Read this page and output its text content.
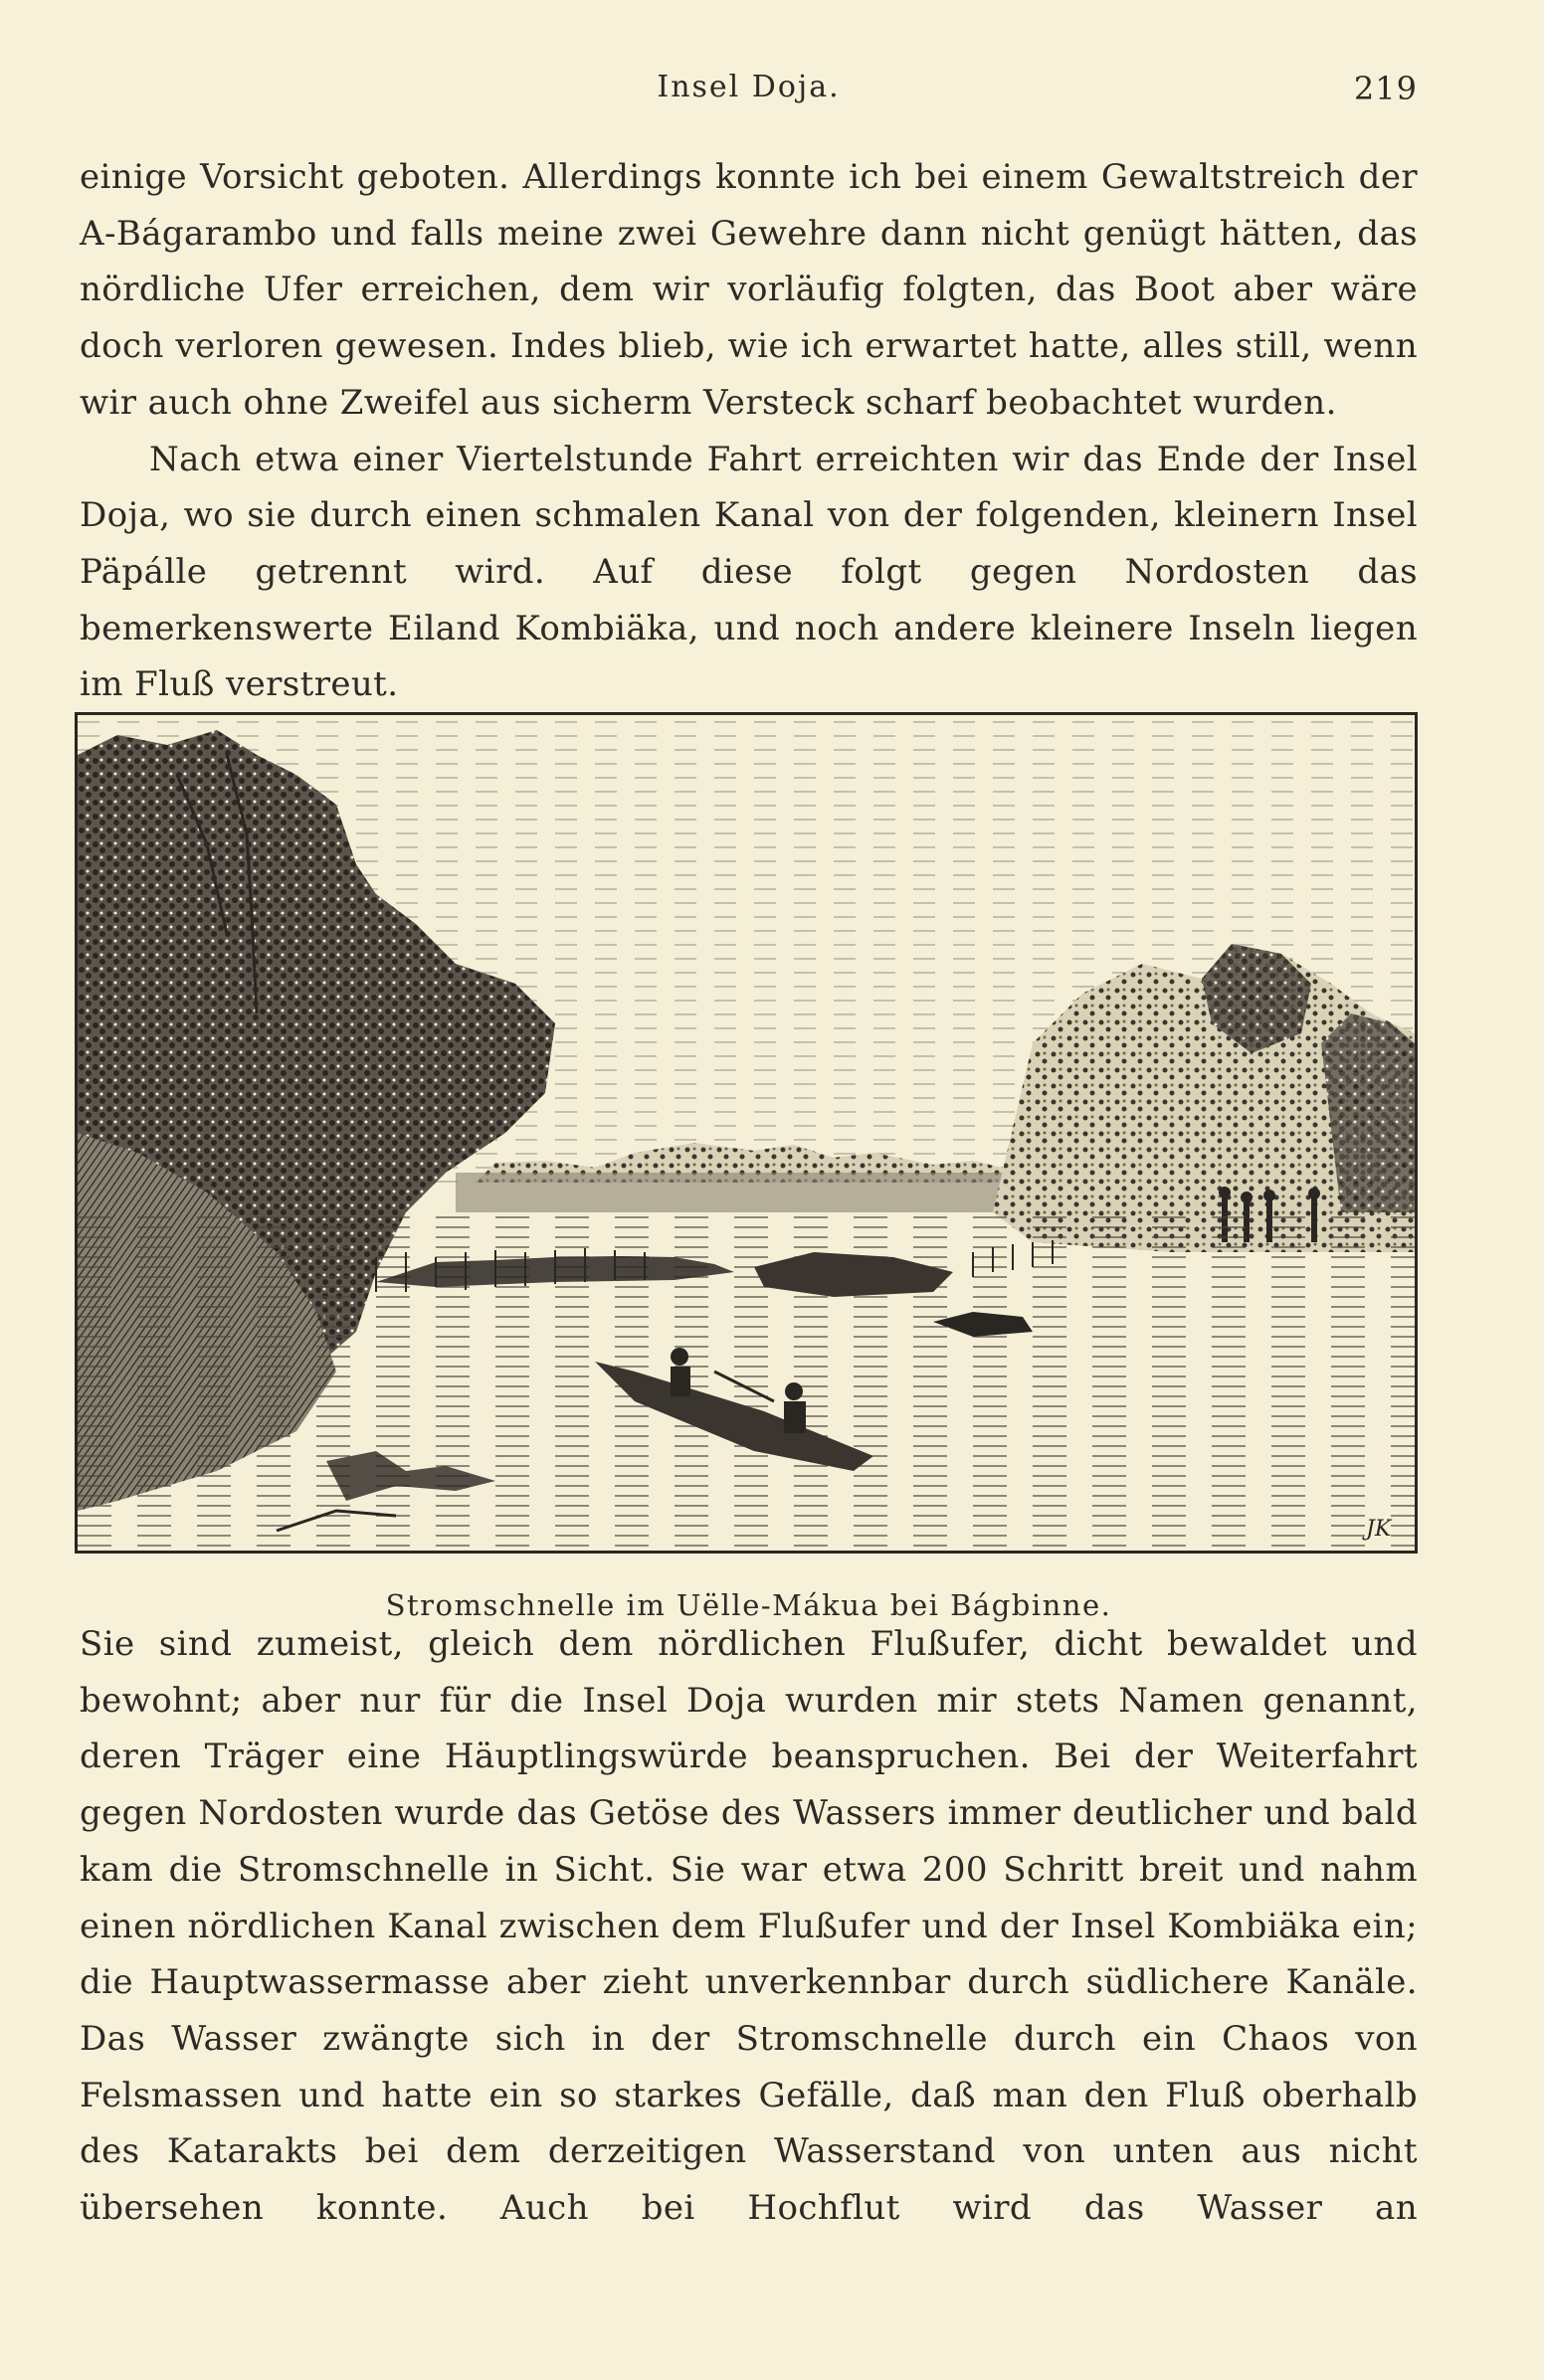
Insel Doja.	219

einige Vorsicht geboten. Allerdings konnte ich bei einem Gewaltstreich der A-Bágarambo und falls meine zwei Gewehre dann nicht genügt hätten, das nördliche Ufer erreichen, dem wir vorläufig folgten, das Boot aber wäre doch verloren gewesen. Indes blieb, wie ich erwartet hatte, alles still, wenn wir auch ohne Zweifel aus sicherm Versteck scharf beobachtet wurden.

Nach etwa einer Viertelstunde Fahrt erreichten wir das Ende der Insel Doja, wo sie durch einen schmalen Kanal von der folgenden, kleinern Insel Päpálle getrennt wird. Auf diese folgt gegen Nordosten das bemerkenswerte Eiland Kombiäka, und noch andere kleinere Inseln liegen im Fluß verstreut.

JK
Stromschnelle im Uëlle-Mákua bei Bágbinne.

Sie sind zumeist, gleich dem nördlichen Flußufer, dicht bewaldet und bewohnt; aber nur für die Insel Doja wurden mir stets Namen genannt, deren Träger eine Häuptlingswürde beanspruchen. Bei der Weiterfahrt gegen Nordosten wurde das Getöse des Wassers immer deutlicher und bald kam die Stromschnelle in Sicht. Sie war etwa 200 Schritt breit und nahm einen nördlichen Kanal zwischen dem Flußufer und der Insel Kombiäka ein; die Hauptwassermasse aber zieht unverkennbar durch südlichere Kanäle. Das Wasser zwängte sich in der Stromschnelle durch ein Chaos von Felsmassen und hatte ein so starkes Gefälle, daß man den Fluß oberhalb des Katarakts bei dem derzeitigen Wasserstand von unten aus nicht übersehen konnte. Auch bei Hochflut wird das Wasser an
